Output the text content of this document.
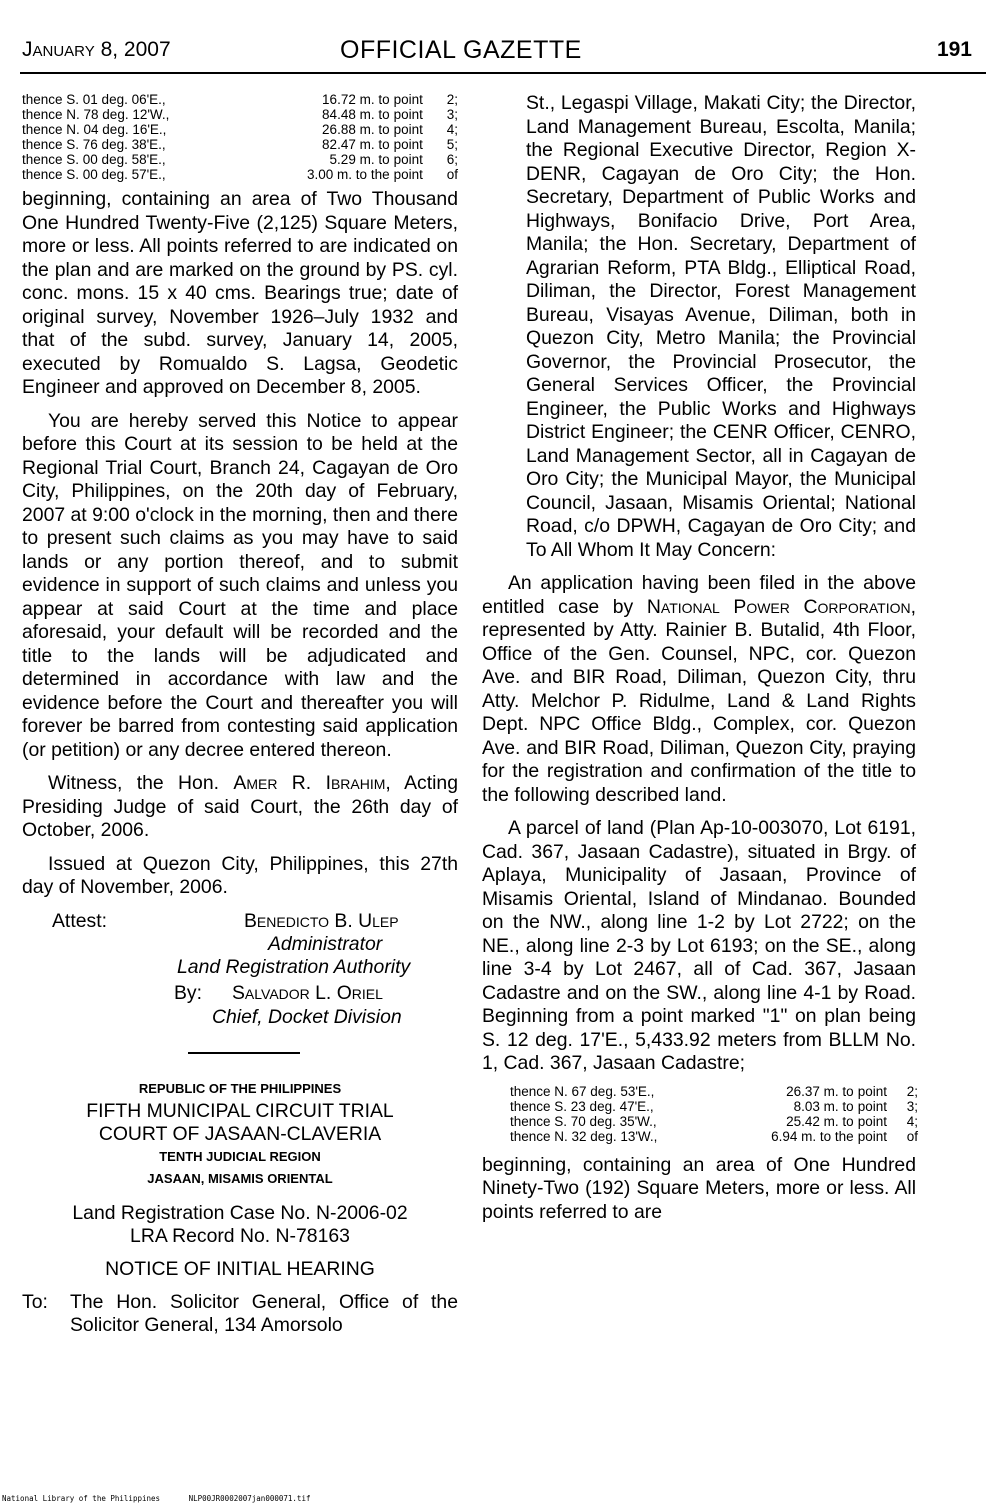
January 8, 2007	OFFICIAL GAZETTE	191
thence S. 01 deg. 06'E.,	16.72 m. to	point	2;
thence N. 78 deg. 12'W.,	84.48 m. to	point	3;
thence N. 04 deg. 16'E.,	26.88 m. to	point	4;
thence S. 76 deg. 38'E.,	82.47 m. to	point	5;
thence S. 00 deg. 58'E.,	5.29 m. to	point	6;
thence S. 00 deg. 57'E.,	3.00 m. to the	point	of

beginning, containing an area of Two Thousand One Hundred Twenty-Five (2,125) Square Meters, more or less. All points referred to are indicated on the plan and are marked on the ground by PS. cyl. conc. mons. 15 x 40 cms. Bearings true; date of original survey, November 1926–July 1932 and that of the subd. survey, January 14, 2005, executed by Romualdo S. Lagsa, Geodetic Engineer and approved on December 8, 2005.

You are hereby served this Notice to appear before this Court at its session to be held at the Regional Trial Court, Branch 24, Cagayan de Oro City, Philippines, on the 20th day of February, 2007 at 9:00 o'clock in the morning, then and there to present such claims as you may have to said lands or any portion thereof, and to submit evidence in support of such claims and unless you appear at said Court at the time and place aforesaid, your default will be recorded and the title to the lands will be adjudicated and determined in accordance with law and the evidence before the Court and thereafter you will forever be barred from contesting said application (or petition) or any decree entered thereon.

Witness, the Hon. Amer R. Ibrahim, Acting Presiding Judge of said Court, the 26th day of October, 2006.

Issued at Quezon City, Philippines, this 27th day of November, 2006.

Attest:	Benedicto B. Ulep
Administrator
Land Registration Authority
By: Salvador L. Oriel
Chief, Docket Division
REPUBLIC OF THE PHILIPPINES
FIFTH MUNICIPAL CIRCUIT TRIAL
COURT OF JASAAN-CLAVERIA
TENTH JUDICIAL REGION
JASAAN, MISAMIS ORIENTAL
Land Registration Case No. N-2006-02
LRA Record No. N-78163
NOTICE OF INITIAL HEARING
To:	The Hon. Solicitor General, Office of the Solicitor General, 134 Amorsolo

St., Legaspi Village, Makati City; the Director, Land Management Bureau, Escolta, Manila; the Regional Executive Director, Region X-DENR, Cagayan de Oro City; the Hon. Secretary, Department of Public Works and Highways, Bonifacio Drive, Port Area, Manila; the Hon. Secretary, Department of Agrarian Reform, PTA Bldg., Elliptical Road, Diliman, the Director, Forest Management Bureau, Visayas Avenue, Diliman, both in Quezon City, Metro Manila; the Provincial Governor, the Provincial Prosecutor, the General Services Officer, the Provincial Engineer, the Public Works and Highways District Engineer; the CENR Officer, CENRO, Land Management Sector, all in Cagayan de Oro City; the Municipal Mayor, the Municipal Council, Jasaan, Misamis Oriental; National Road, c/o DPWH, Cagayan de Oro City; and To All Whom It May Concern:

An application having been filed in the above entitled case by National Power Corporation, represented by Atty. Rainier B. Butalid, 4th Floor, Office of the Gen. Counsel, NPC, cor. Quezon Ave. and BIR Road, Diliman, Quezon City, thru Atty. Melchor P. Ridulme, Land & Land Rights Dept. NPC Office Bldg., Complex, cor. Quezon Ave. and BIR Road, Diliman, Quezon City, praying for the registration and confirmation of the title to the following described land.

A parcel of land (Plan Ap-10-003070, Lot 6191, Cad. 367, Jasaan Cadastre), situated in Brgy. of Aplaya, Municipality of Jasaan, Province of Misamis Oriental, Island of Mindanao. Bounded on the NW., along line 1-2 by Lot 2722; on the NE., along line 2-3 by Lot 6193; on the SE., along line 3-4 by Lot 2467, all of Cad. 367, Jasaan Cadastre and on the SW., along line 4-1 by Road. Beginning from a point marked "1" on plan being S. 12 deg. 17'E., 5,433.92 meters from BLLM No. 1, Cad. 367, Jasaan Cadastre;

thence N. 67 deg. 53'E.,	26.37 m. to	point	2;
thence S. 23 deg. 47'E.,	8.03 m. to	point	3;
thence S. 70 deg. 35'W.,	25.42 m. to	point	4;
thence N. 32 deg. 13'W.,	6.94 m. to the	point	of

beginning, containing an area of One Hundred Ninety-Two (192) Square Meters, more or less. All points referred to are

National Library of the Philippines	NLP00JR0002007jan000071.tif
